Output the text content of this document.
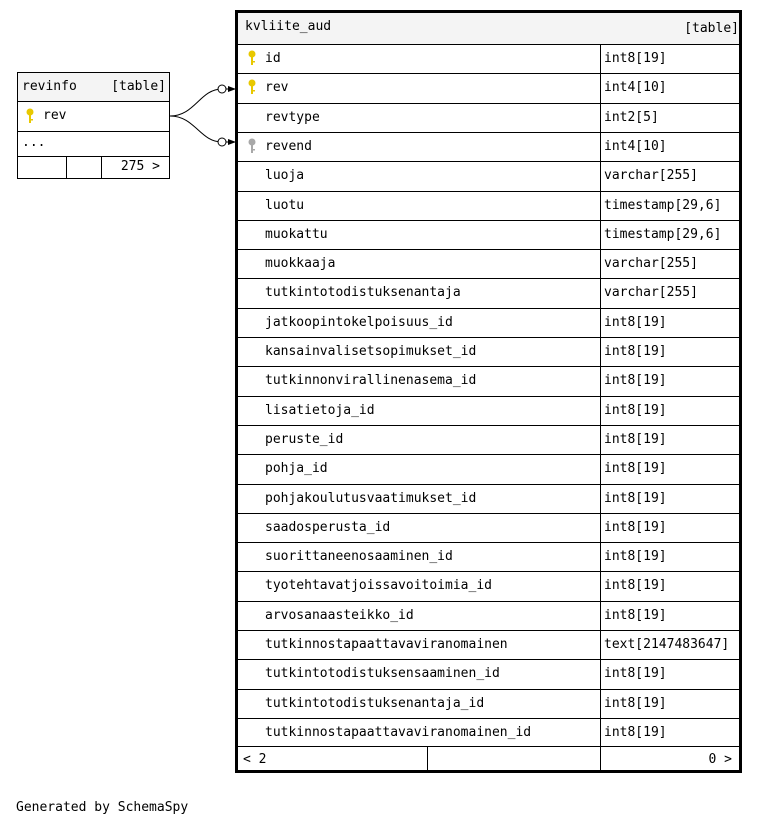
revinfo	[table]
rev
...
275 >
kvliite_aud	[table]
id	int8[19]
rev	int4[10]
revtype	int2[5]
revend	int4[10]
luoja	varchar[255]
luotu	timestamp[29,6]
muokattu	timestamp[29,6]
muokkaaja	varchar[255]
tutkintotodistuksenantaja	varchar[255]
jatkoopintokelpoisuus_id	int8[19]
kansainvalisetsopimukset_id	int8[19]
tutkinnonvirallinenasema_id	int8[19]
lisatietoja_id	int8[19]
peruste_id	int8[19]
pohja_id	int8[19]
pohjakoulutusvaatimukset_id	int8[19]
saadosperusta_id	int8[19]
suorittaneenosaaminen_id	int8[19]
tyotehtavatjoissavoitoimia_id	int8[19]
arvosanaasteikko_id	int8[19]
tutkinnostapaattavaviranomainen	text[2147483647]
tutkintotodistuksensaaminen_id	int8[19]
tutkintotodistuksenantaja_id	int8[19]
tutkinnostapaattavaviranomainen_id	int8[19]
< 2	0 >
Generated by SchemaSpy
